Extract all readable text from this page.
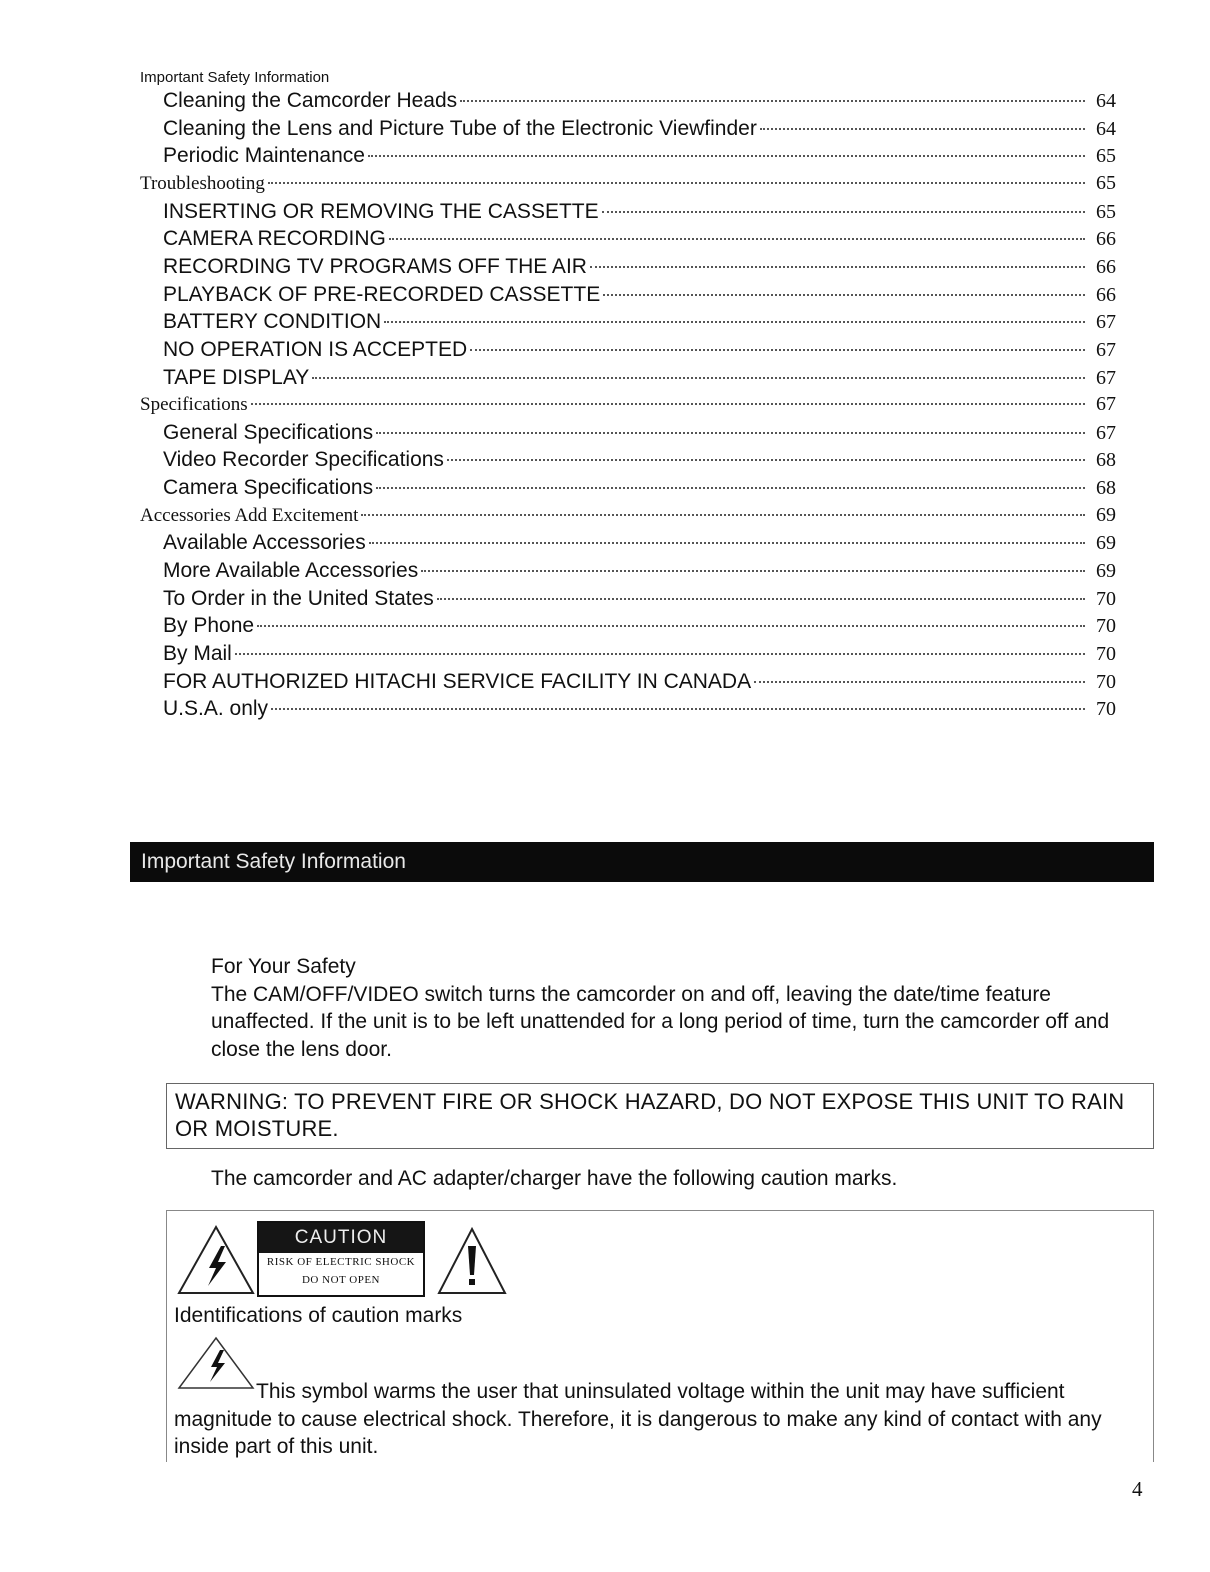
Important Safety Information
Cleaning the Camcorder Heads	64
Cleaning the Lens and Picture Tube of the Electronic Viewfinder	64
Periodic Maintenance	65
Troubleshooting	65
INSERTING OR REMOVING THE CASSETTE	65
CAMERA RECORDING	66
RECORDING TV PROGRAMS OFF THE AIR	66
PLAYBACK OF PRE-RECORDED CASSETTE	66
BATTERY CONDITION	67
NO OPERATION IS ACCEPTED	67
TAPE DISPLAY	67
Specifications	67
General Specifications	67
Video Recorder Specifications	68
Camera Specifications	68
Accessories Add Excitement	69
Available Accessories	69
More Available Accessories	69
To Order in the United States	70
By Phone	70
By Mail	70
FOR AUTHORIZED HITACHI SERVICE FACILITY IN CANADA	70
U.S.A. only	70
Important Safety Information

For Your Safety

The CAM/OFF/VIDEO switch turns the camcorder on and off, leaving the date/time feature unaffected. If the unit is to be left unattended for a long period of time, turn the camcorder off and close the lens door.

WARNING: TO PREVENT FIRE OR SHOCK HAZARD, DO NOT EXPOSE THIS UNIT TO RAIN OR MOISTURE.
The camcorder and AC adapter/charger have the following caution marks.
CAUTION
RISK OF ELECTRIC SHOCK
DO NOT OPEN
Identifications of caution marks
This symbol warms the user that uninsulated voltage within the unit may have sufficient magnitude to cause electrical shock. Therefore, it is dangerous to make any kind of contact with any inside part of this unit.
4
